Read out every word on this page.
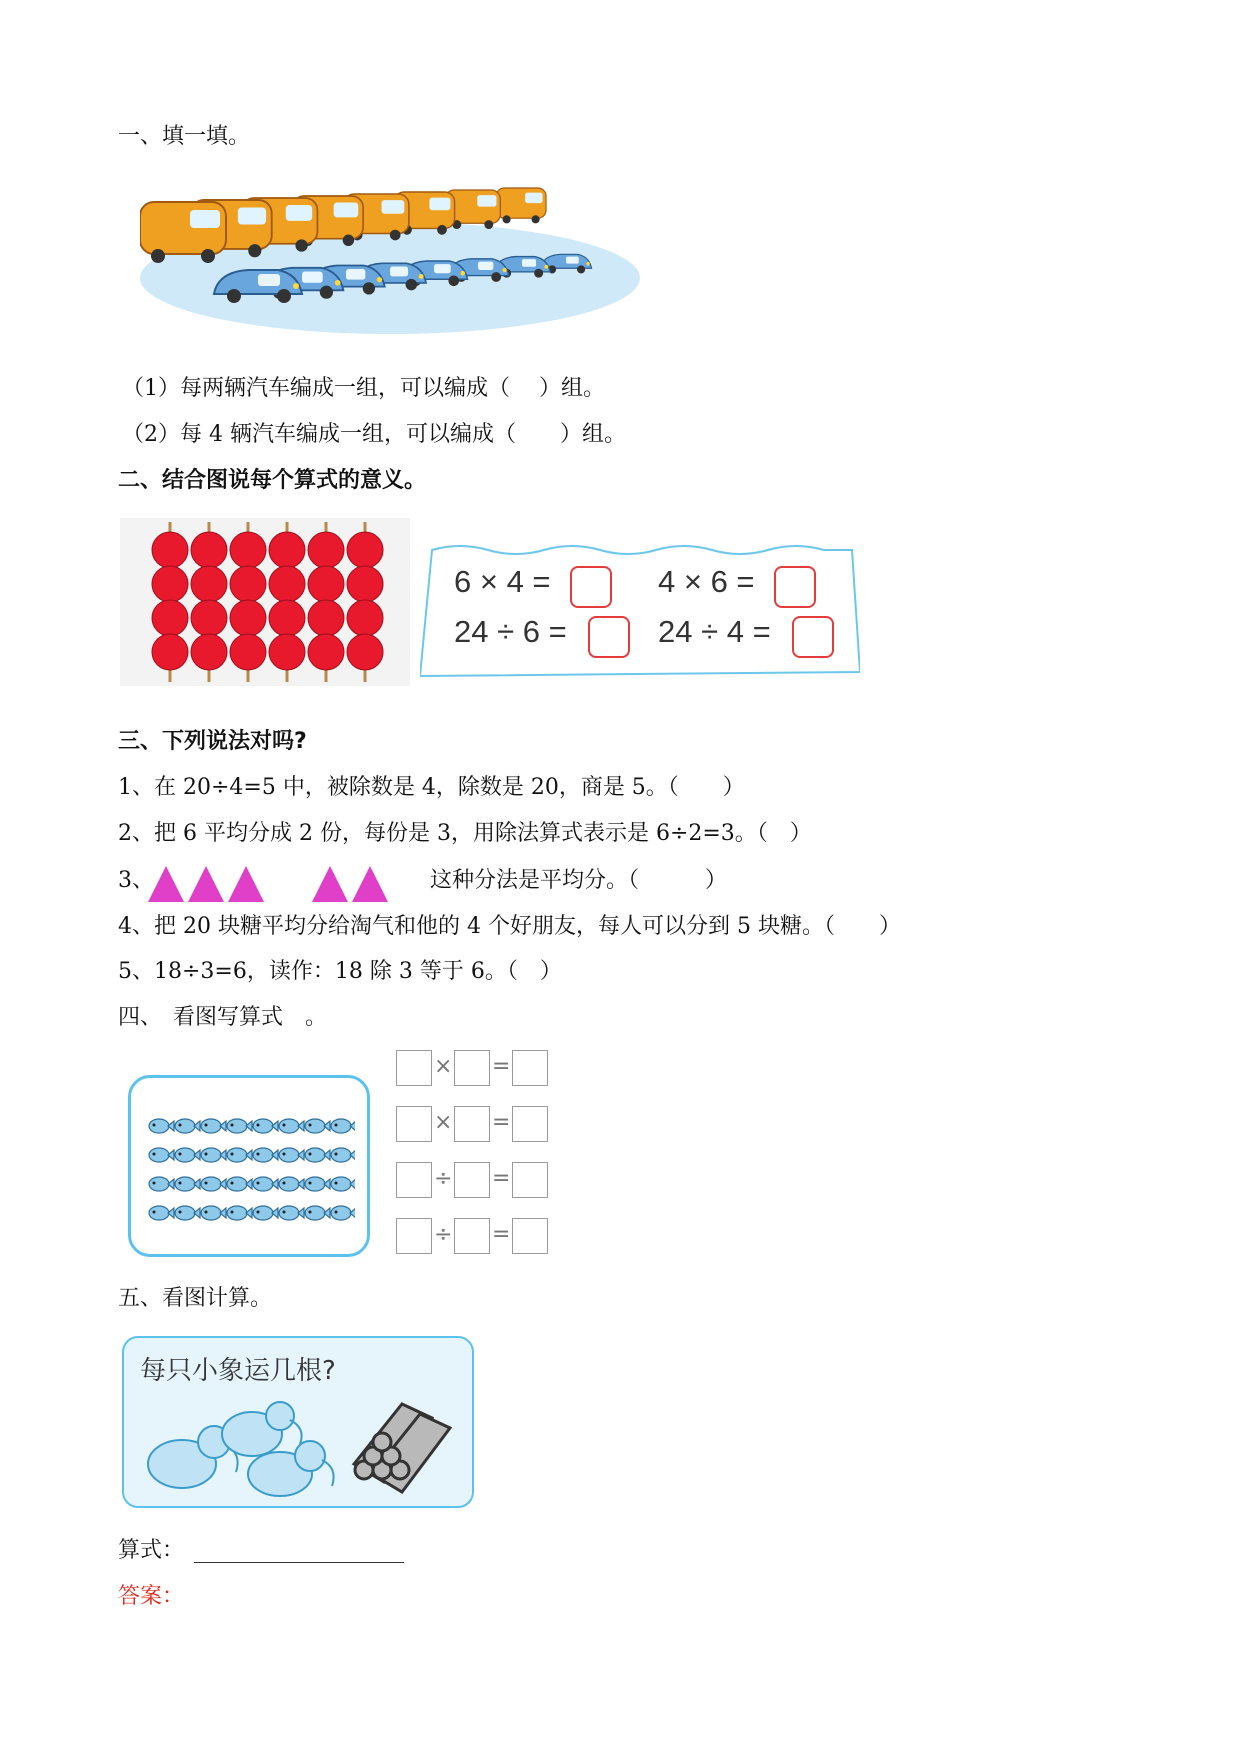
一、填一填。
（1）每两辆汽车编成一组，可以编成（　 ）组。
（2）每 4 辆汽车编成一组，可以编成（　　）组。
二、结合图说每个算式的意义。
6 × 4 =	4 × 6 =
24 ÷ 6 =	24 ÷ 4 =
三、下列说法对吗?
1、在 20÷4=5 中，被除数是 4，除数是 20，商是 5。（　　）
2、把 6 平均分成 2 份，每份是 3，用除法算式表示是 6÷2=3。（　）
3、	这种分法是平均分。（　　　）
4、把 20 块糖平均分给淘气和他的 4 个好朋友，每人可以分到 5 块糖。（　　）
5、18÷3=6，读作：18 除 3 等于 6。（　）
四、　看图写算式　。
× =
× =
÷ =
÷ =
五、看图计算。
每只小象运几根?
算式：
答案：
